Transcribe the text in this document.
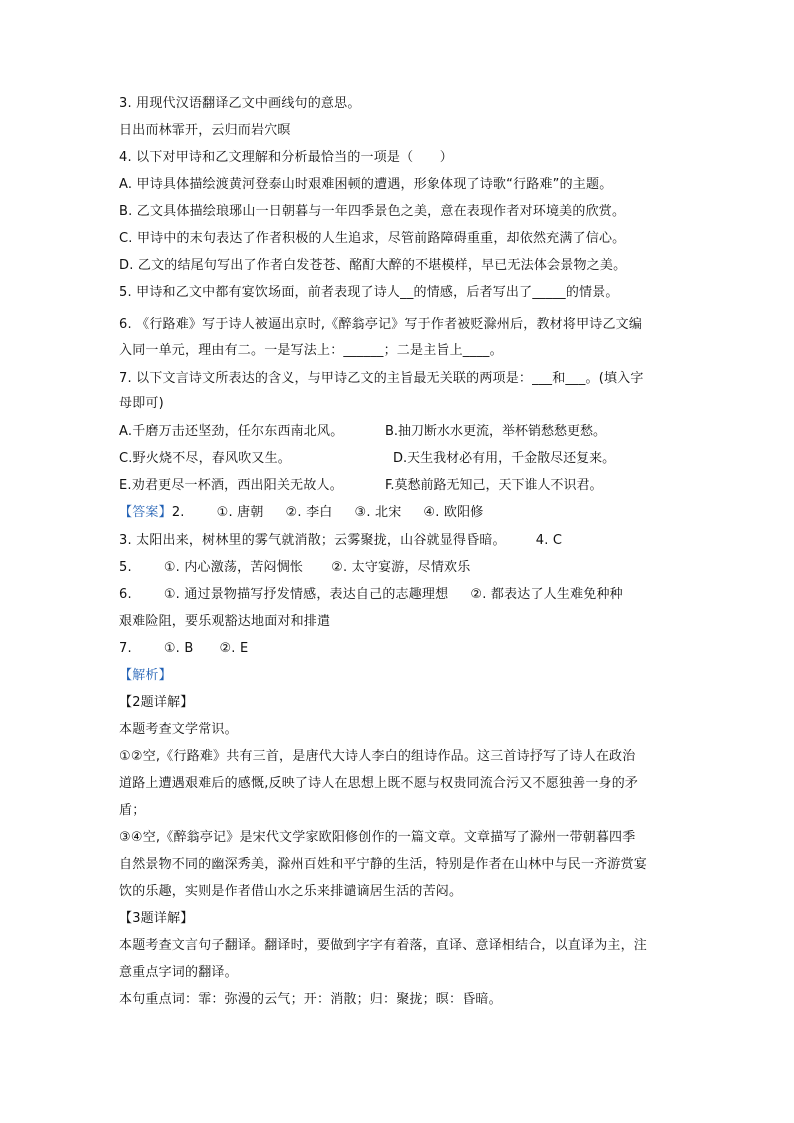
3. 用现代汉语翻译乙文中画线句的意思。
日出而林霏开，云归而岩穴暝
4. 以下对甲诗和乙文理解和分析最恰当的一项是（　　）
A. 甲诗具体描绘渡黄河登泰山时艰难困顿的遭遇，形象体现了诗歌“行路难”的主题。
B. 乙文具体描绘琅琊山一日朝暮与一年四季景色之美，意在表现作者对环境美的欣赏。
C. 甲诗中的末句表达了作者积极的人生追求，尽管前路障碍重重，却依然充满了信心。
D. 乙文的结尾句写出了作者白发苍苍、酩酊大醉的不堪模样，早已无法体会景物之美。
5. 甲诗和乙文中都有宴饮场面，前者表现了诗人__的情感，后者写出了_____的情景。
6. 《行路难》写于诗人被逼出京时,《醉翁亭记》写于作者被贬滁州后，教材将甲诗乙文编
入同一单元，理由有二。一是写法上：______；二是主旨上____。
7. 以下文言诗文所表达的含义，与甲诗乙文的主旨最无关联的两项是：___和___。(填入字
母即可)
A.千磨万击还坚劲，任尔东西南北风。	B.抽刀断水水更流，举杯销愁愁更愁。
C.野火烧不尽，春风吹又生。	D.天生我材必有用，千金散尽还复来。
E.劝君更尽一杯酒，西出阳关无故人。	F.莫愁前路无知己，天下谁人不识君。
【答案】2. ①. 唐朝 ②. 李白 ③. 北宋 ④. 欧阳修
3. 太阳出来，树林里的雾气就消散；云雾聚拢，山谷就显得昏暗。 4. C
5. ①. 内心激荡，苦闷惆怅 ②. 太守宴游，尽情欢乐
6. ①. 通过景物描写抒发情感，表达自己的志趣理想 ②. 都表达了人生难免种种
艰难险阻，要乐观豁达地面对和排遣
7. ①. B ②. E
【解析】
【2题详解】
本题考查文学常识。
①②空,《行路难》共有三首，是唐代大诗人李白的组诗作品。这三首诗抒写了诗人在政治
道路上遭遇艰难后的感慨,反映了诗人在思想上既不愿与权贵同流合污又不愿独善一身的矛
盾；
③④空,《醉翁亭记》是宋代文学家欧阳修创作的一篇文章。文章描写了滁州一带朝暮四季
自然景物不同的幽深秀美，滁州百姓和平宁静的生活，特别是作者在山林中与民一齐游赏宴
饮的乐趣，实则是作者借山水之乐来排谴谪居生活的苦闷。
【3题详解】
本题考查文言句子翻译。翻译时，要做到字字有着落，直译、意译相结合，以直译为主，注
意重点字词的翻译。
本句重点词：霏：弥漫的云气；开：消散；归：聚拢；暝：昏暗。
